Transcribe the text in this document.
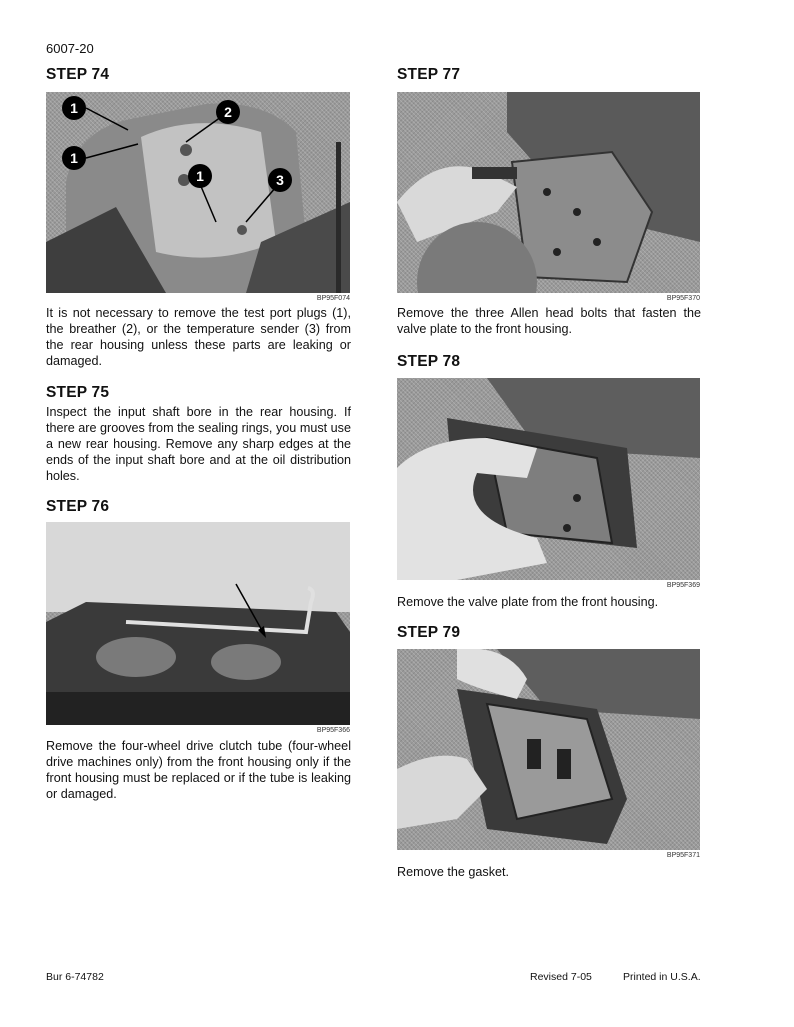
6007-20
STEP 74
1	2
1
1	3
BP95F074

It is not necessary to remove the test port plugs (1), the breather (2), or the temperature sender (3) from the rear housing unless these parts are leaking or damaged.

STEP 75

Inspect the input shaft bore in the rear housing. If there are grooves from the sealing rings, you must use a new rear housing. Remove any sharp edges at the ends of the input shaft bore and at the oil distribution holes.

STEP 76
BP95F366

Remove the four-wheel drive clutch tube (four-wheel drive machines only) from the front housing only if the front housing must be replaced or if the tube is leaking or damaged.

STEP 77
BP95F370

Remove the three Allen head bolts that fasten the valve plate to the front housing.

STEP 78
BP95F369

Remove the valve plate from the front housing.

STEP 79
BP95F371

Remove the gasket.

Bur 6-74782	Revised 7-05	Printed in U.S.A.
